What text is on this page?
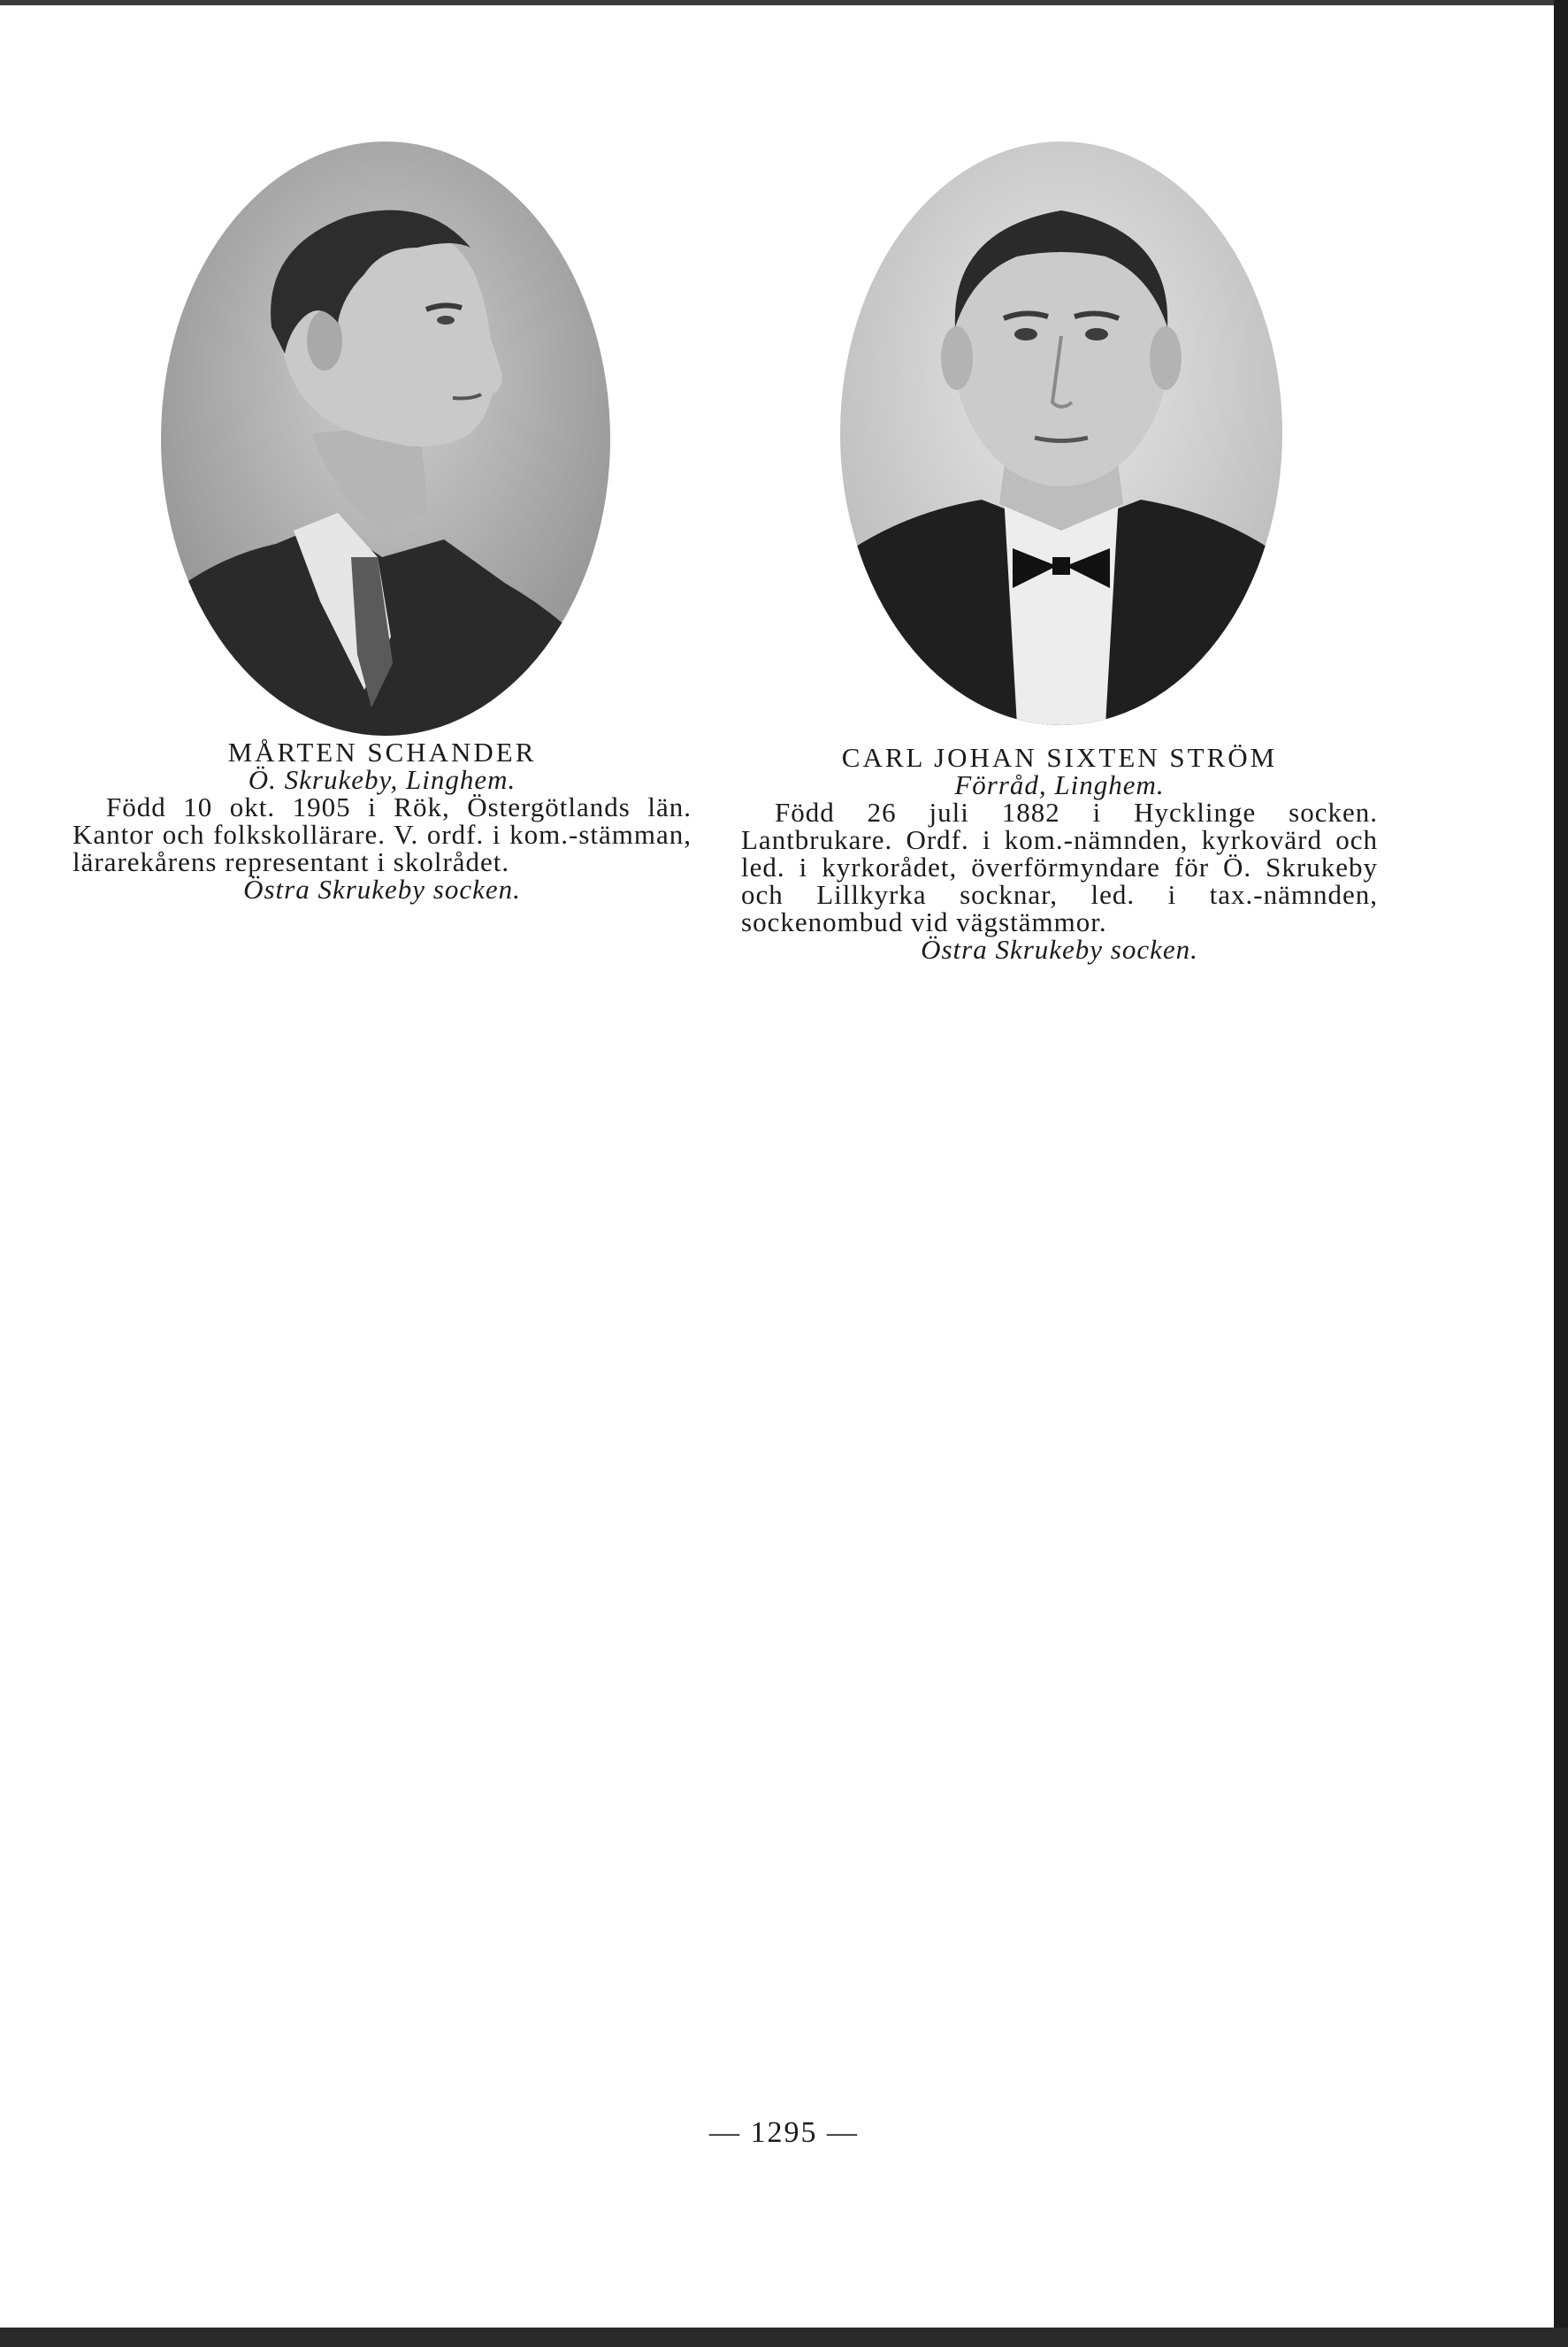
MÅRTEN SCHANDER
Ö. Skrukeby, Linghem.
Född 10 okt. 1905 i Rök, Östergötlands län. Kantor och folkskollärare. V. ordf. i kom.-stämman, lärarekårens representant i skolrådet.
Östra Skrukeby socken.
CARL JOHAN SIXTEN STRÖM
Förråd, Linghem.
Född 26 juli 1882 i Hycklinge socken. Lantbrukare. Ordf. i kom.-nämnden, kyrkovärd och led. i kyrkorådet, överförmyndare för Ö. Skrukeby och Lillkyrka socknar, led. i tax.-nämnden, sockenombud vid vägstämmor.
Östra Skrukeby socken.
— 1295 —
